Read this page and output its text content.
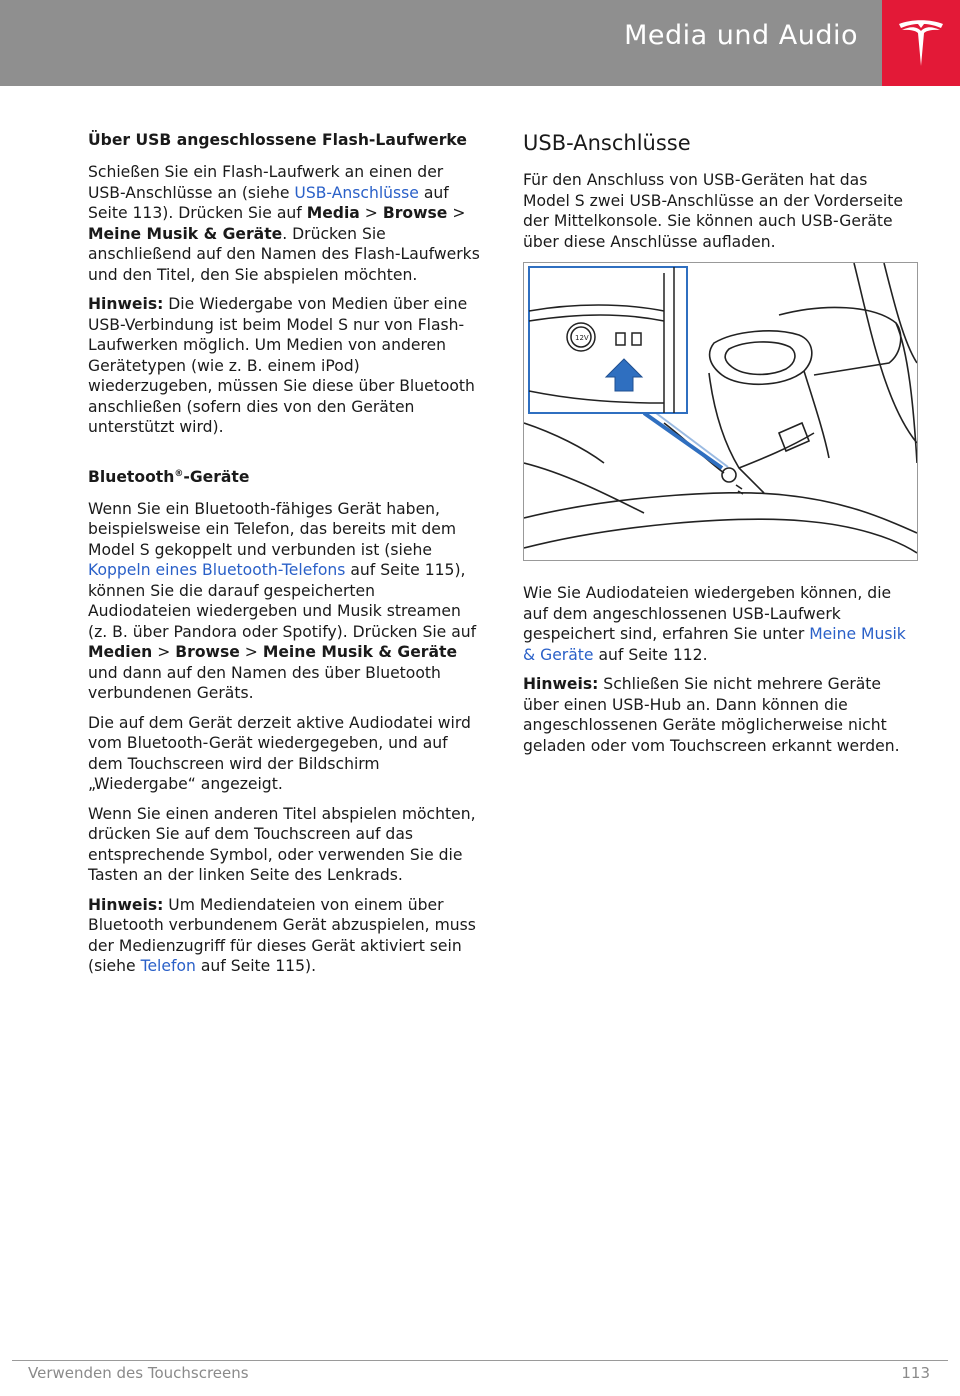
Media und Audio
Über USB angeschlossene Flash-Laufwerke

Schießen Sie ein Flash-Laufwerk an einen der USB-Anschlüsse an (siehe USB-Anschlüsse auf Seite 113). Drücken Sie auf Media > Browse > Meine Musik & Geräte. Drücken Sie anschließend auf den Namen des Flash-Laufwerks und den Titel, den Sie abspielen möchten.

Hinweis: Die Wiedergabe von Medien über eine USB-Verbindung ist beim Model S nur von Flash-Laufwerken möglich. Um Medien von anderen Gerätetypen (wie z. B. einem iPod) wiederzugeben, müssen Sie diese über Bluetooth anschließen (sofern dies von den Geräten unterstützt wird).

Bluetooth®-Geräte

Wenn Sie ein Bluetooth-fähiges Gerät haben, beispielsweise ein Telefon, das bereits mit dem Model S gekoppelt und verbunden ist (siehe Koppeln eines Bluetooth-Telefons auf Seite 115), können Sie die darauf gespeicherten Audiodateien wiedergeben und Musik streamen (z. B. über Pandora oder Spotify). Drücken Sie auf Medien > Browse > Meine Musik & Geräte und dann auf den Namen des über Bluetooth verbundenen Geräts.

Die auf dem Gerät derzeit aktive Audiodatei wird vom Bluetooth-Gerät wiedergegeben, und auf dem Touchscreen wird der Bildschirm „Wiedergabe“ angezeigt.

Wenn Sie einen anderen Titel abspielen möchten, drücken Sie auf dem Touchscreen auf das entsprechende Symbol, oder verwenden Sie die Tasten an der linken Seite des Lenkrads.

Hinweis: Um Mediendateien von einem über Bluetooth verbundenem Gerät abzuspielen, muss der Medienzugriff für dieses Gerät aktiviert sein (siehe Telefon auf Seite 115).

USB-Anschlüsse

Für den Anschluss von USB-Geräten hat das Model S zwei USB-Anschlüsse an der Vorderseite der Mittelkonsole. Sie können auch USB-Geräte über diese Anschlüsse aufladen.

12V

Wie Sie Audiodateien wiedergeben können, die auf dem angeschlossenen USB-Laufwerk gespeichert sind, erfahren Sie unter Meine Musik & Geräte auf Seite 112.

Hinweis: Schließen Sie nicht mehrere Geräte über einen USB-Hub an. Dann können die angeschlossenen Geräte möglicherweise nicht geladen oder vom Touchscreen erkannt werden.

Verwenden des Touchscreens	113
